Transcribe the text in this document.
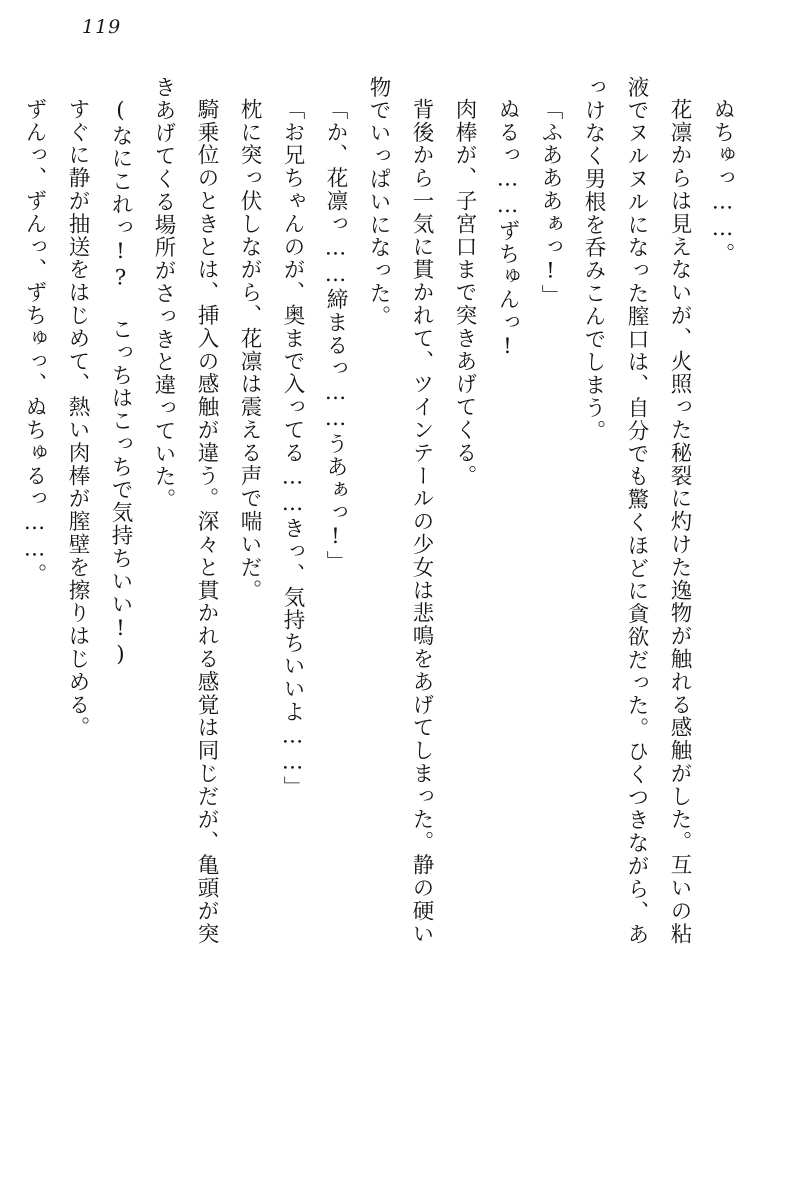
119
ぬちゅっ……。
花凛からは見えないが、火照った秘裂に灼けた逸物が触れる感触がした。互いの粘
液でヌルヌルになった膣口は、自分でも驚くほどに貪欲だった。ひくつきながら、あ
っけなく男根を呑みこんでしまう。
「ふあああぁっ!」
ぬるっ……ずちゅんっ!
肉棒が、子宮口まで突きあげてくる。
背後から一気に貫かれて、ツインテールの少女は悲鳴をあげてしまった。静の硬い
物でいっぱいになった。
「か、花凛っ……締まるっ……うあぁっ!」
「お兄ちゃんのが、奥まで入ってる……きっ、気持ちいいよ……」
枕に突っ伏しながら、花凛は震える声で喘いだ。
騎乗位のときとは、挿入の感触が違う。深々と貫かれる感覚は同じだが、亀頭が突
きあげてくる場所がさっきと違っていた。
(なにこれっ!? こっちはこっちで気持ちいい!)
すぐに静が抽送をはじめて、熱い肉棒が膣壁を擦りはじめる。
ずんっ、ずんっ、ずちゅっ、ぬちゅるっ……。
